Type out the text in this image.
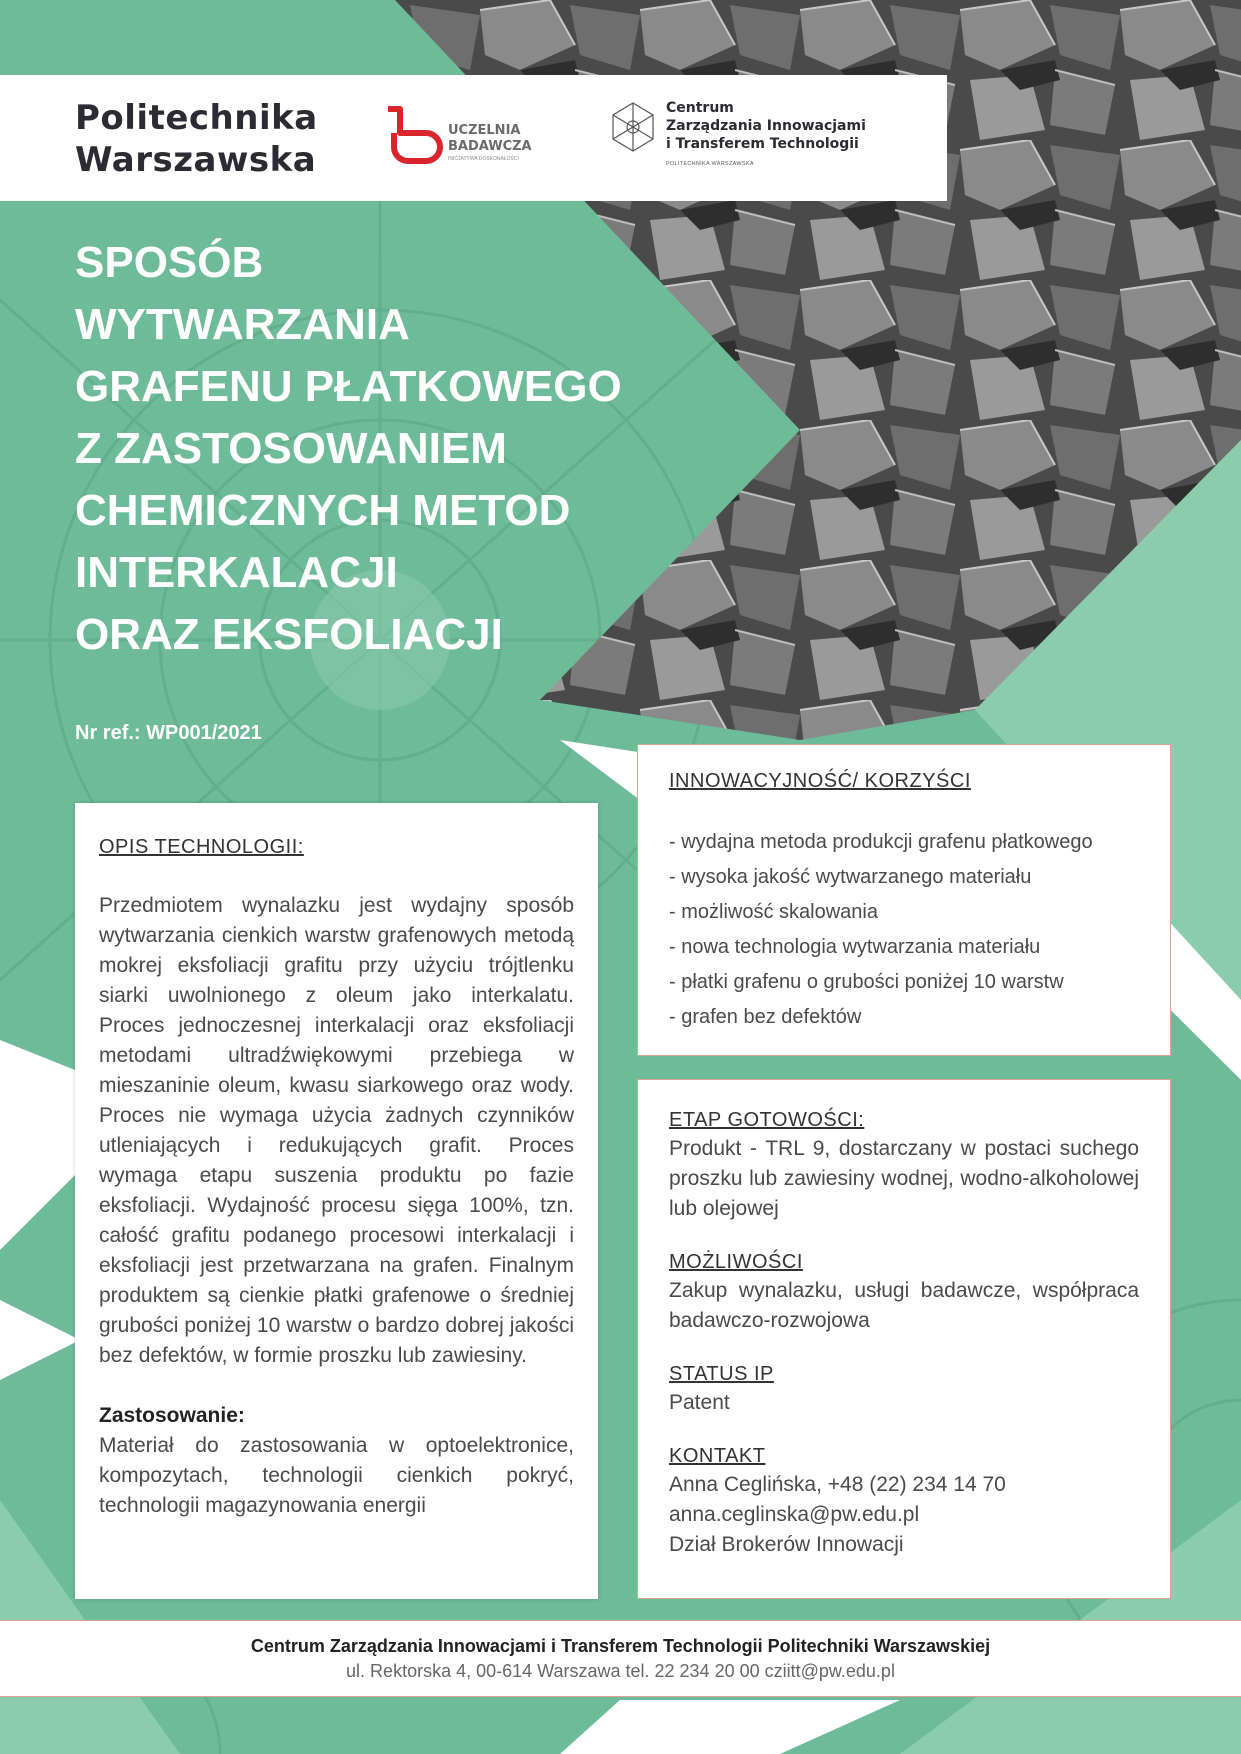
Politechnika
Warszawska
UCZELNIA
BADAWCZA
INICJATYWA DOSKONAŁOŚCI
Centrum
Zarządzania Innowacjami
i Transferem Technologii
POLITECHNIKA WARSZAWSKA
SPOSÓB
WYTWARZANIA
GRAFENU PŁATKOWEGO
Z ZASTOSOWANIEM
CHEMICZNYCH METOD
INTERKALACJI
ORAZ EKSFOLIACJI
Nr ref.: WP001/2021
OPIS TECHNOLOGII:
Przedmiotem wynalazku jest wydajny sposób wytwarzania cienkich warstw grafenowych metodą mokrej eksfoliacji grafitu przy użyciu trójtlenku siarki uwolnionego z oleum jako interkalatu. Proces jednoczesnej interkalacji oraz eksfoliacji metodami ultradźwiękowymi przebiega w mieszaninie oleum, kwasu siarkowego oraz wody. Proces nie wymaga użycia żadnych czynników utleniających i redukujących grafit. Proces wymaga etapu suszenia produktu po fazie eksfoliacji. Wydajność procesu sięga 100%, tzn. całość grafitu podanego procesowi interkalacji i eksfoliacji jest przetwarzana na grafen. Finalnym produktem są cienkie płatki grafenowe o średniej grubości poniżej 10 warstw o bardzo dobrej jakości bez defektów, w formie proszku lub zawiesiny.
Zastosowanie:
Materiał do zastosowania w optoelektronice, kompozytach, technologii cienkich pokryć, technologii magazynowania energii
INNOWACYJNOŚĆ/ KORZYŚCI
- wydajna metoda produkcji grafenu płatkowego
- wysoka jakość wytwarzanego materiału
- możliwość skalowania
- nowa technologia wytwarzania materiału
- płatki grafenu o grubości poniżej 10 warstw
- grafen bez defektów
ETAP GOTOWOŚCI:
Produkt - TRL 9, dostarczany w postaci suchego proszku lub zawiesiny wodnej, wodno-alkoholowej lub olejowej
MOŻLIWOŚCI
Zakup wynalazku, usługi badawcze, współpraca badawczo-rozwojowa
STATUS IP
Patent
KONTAKT
Anna Ceglińska, +48 (22) 234 14 70
anna.ceglinska@pw.edu.pl
Dział Brokerów Innowacji
Centrum Zarządzania Innowacjami i Transferem Technologii Politechniki Warszawskiej
ul. Rektorska 4, 00-614 Warszawa tel. 22 234 20 00 cziitt@pw.edu.pl
